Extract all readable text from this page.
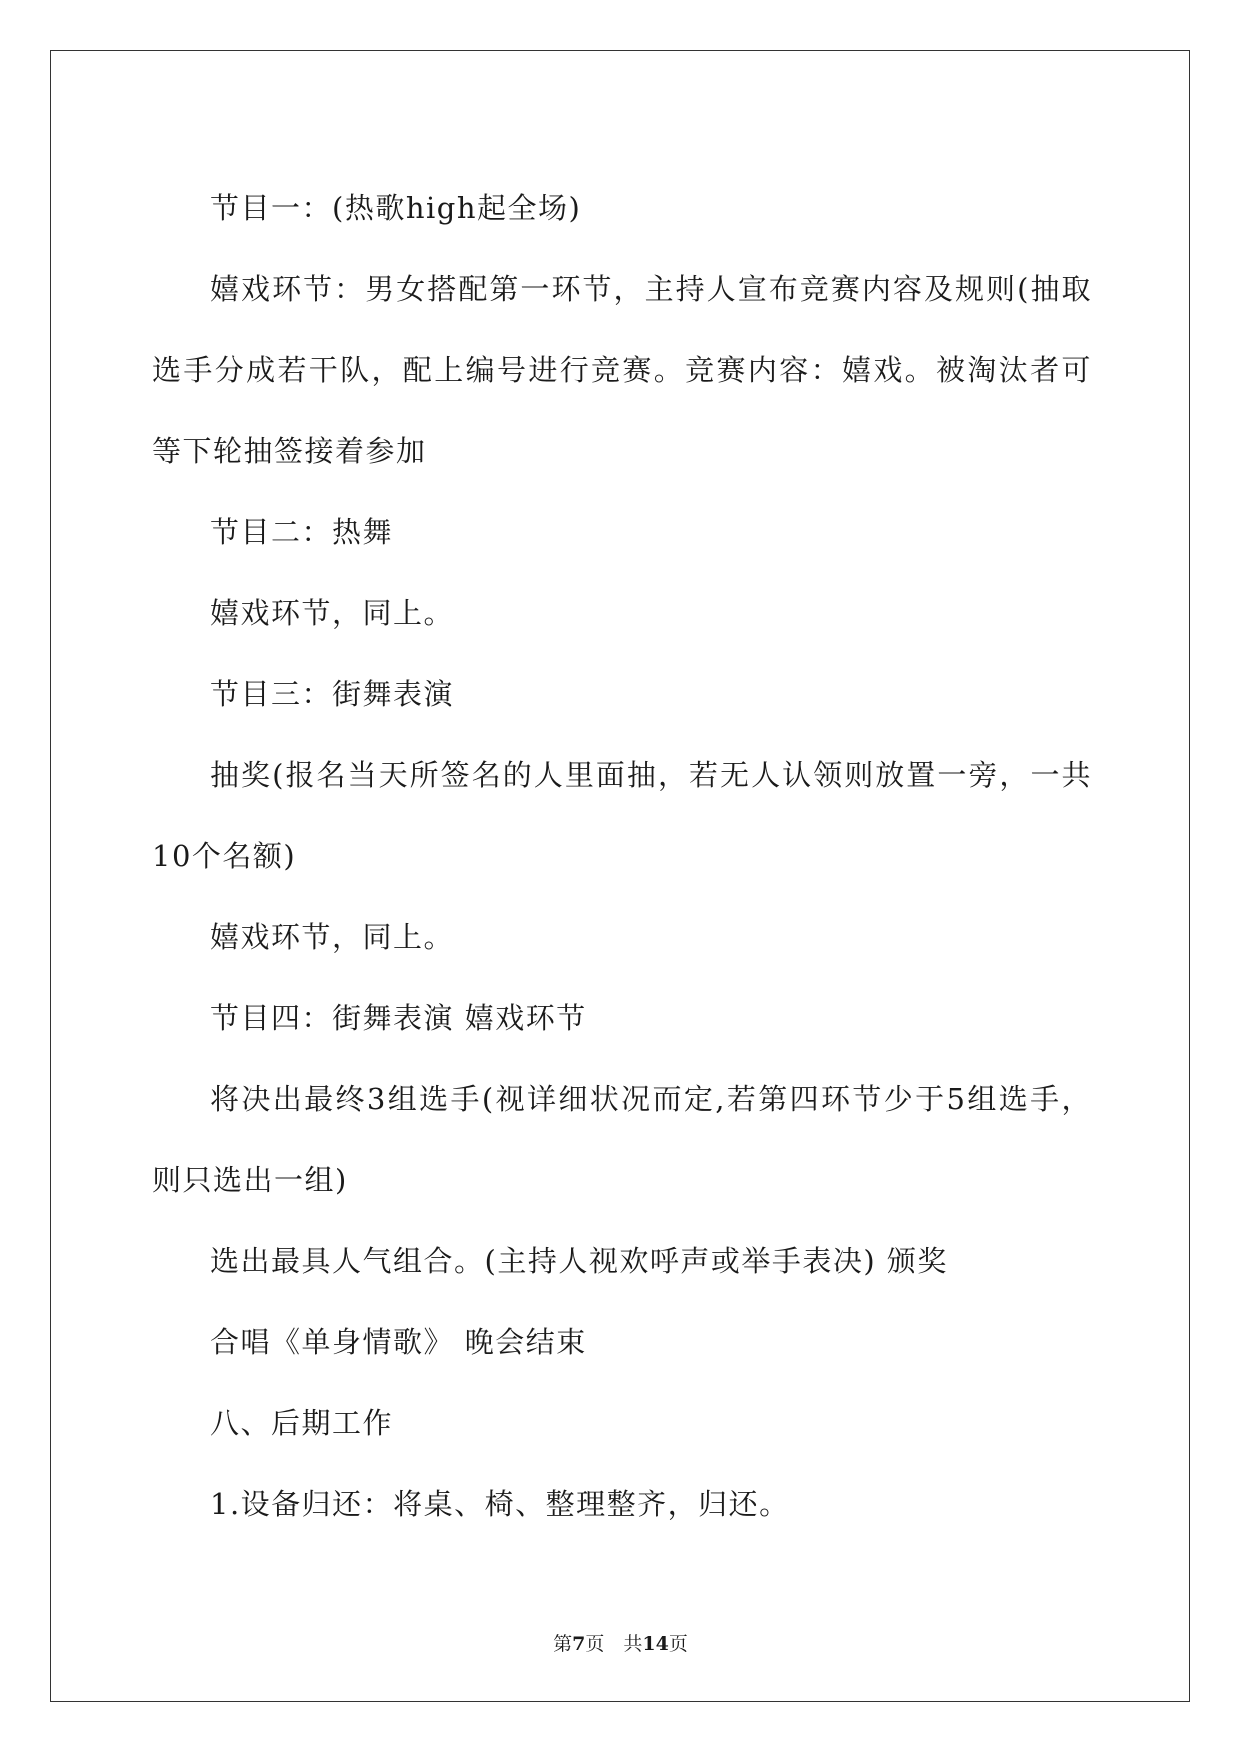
节目一：(热歌high起全场)

嬉戏环节：男女搭配第一环节，主持人宣布竞赛内容及规则(抽取选手分成若干队，配上编号进行竞赛。竞赛内容：嬉戏。被淘汰者可等下轮抽签接着参加

节目二：热舞

嬉戏环节，同上。

节目三：街舞表演

抽奖(报名当天所签名的人里面抽，若无人认领则放置一旁，一共10个名额)

嬉戏环节，同上。

节目四：街舞表演 嬉戏环节

将决出最终3组选手(视详细状况而定,若第四环节少于5组选手，则只选出一组)

选出最具人气组合。(主持人视欢呼声或举手表决) 颁奖

合唱《单身情歌》 晚会结束

八、后期工作

1.设备归还：将桌、椅、整理整齐，归还。

第7页　共14页
